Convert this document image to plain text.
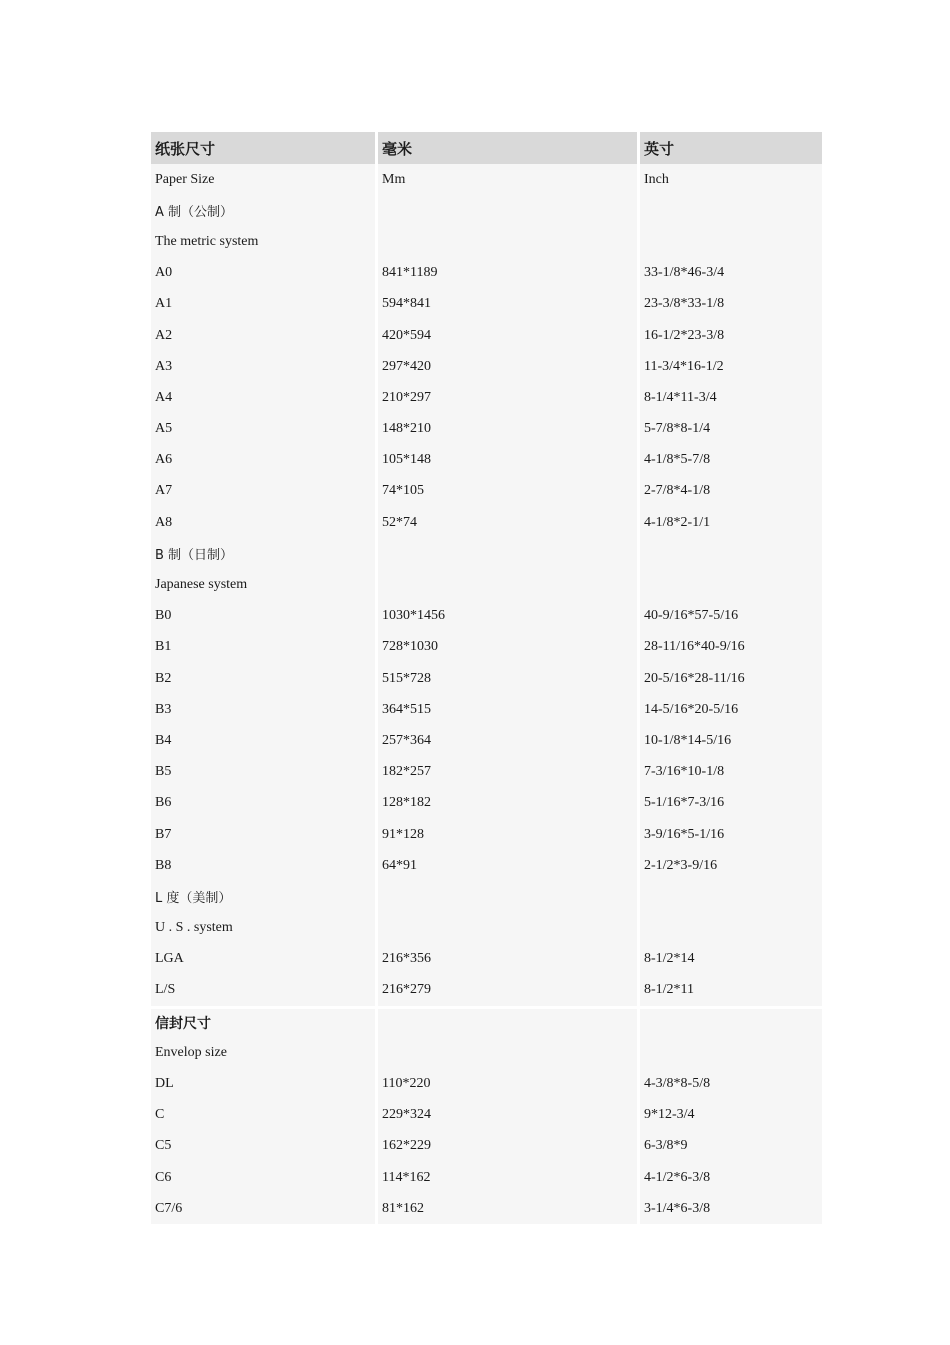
纸张尺寸	毫米	英寸
Paper Size	Mm	Inch
A 制（公制）		
The metric system		
A0	841*1189	33-1/8*46-3/4
A1	594*841	23-3/8*33-1/8
A2	420*594	16-1/2*23-3/8
A3	297*420	11-3/4*16-1/2
A4	210*297	8-1/4*11-3/4
A5	148*210	5-7/8*8-1/4
A6	105*148	4-1/8*5-7/8
A7	74*105	2-7/8*4-1/8
A8	52*74	4-1/8*2-1/1
B 制（日制）		
Japanese system		
B0	1030*1456	40-9/16*57-5/16
B1	728*1030	28-11/16*40-9/16
B2	515*728	20-5/16*28-11/16
B3	364*515	14-5/16*20-5/16
B4	257*364	10-1/8*14-5/16
B5	182*257	7-3/16*10-1/8
B6	128*182	5-1/16*7-3/16
B7	91*128	3-9/16*5-1/16
B8	64*91	2-1/2*3-9/16
L 度（美制）		
U . S . system		
LGA	216*356	8-1/2*14
L/S	216*279	8-1/2*11
信封尺寸		
Envelop size		
DL	110*220	4-3/8*8-5/8
C	229*324	9*12-3/4
C5	162*229	6-3/8*9
C6	114*162	4-1/2*6-3/8
C7/6	81*162	3-1/4*6-3/8
